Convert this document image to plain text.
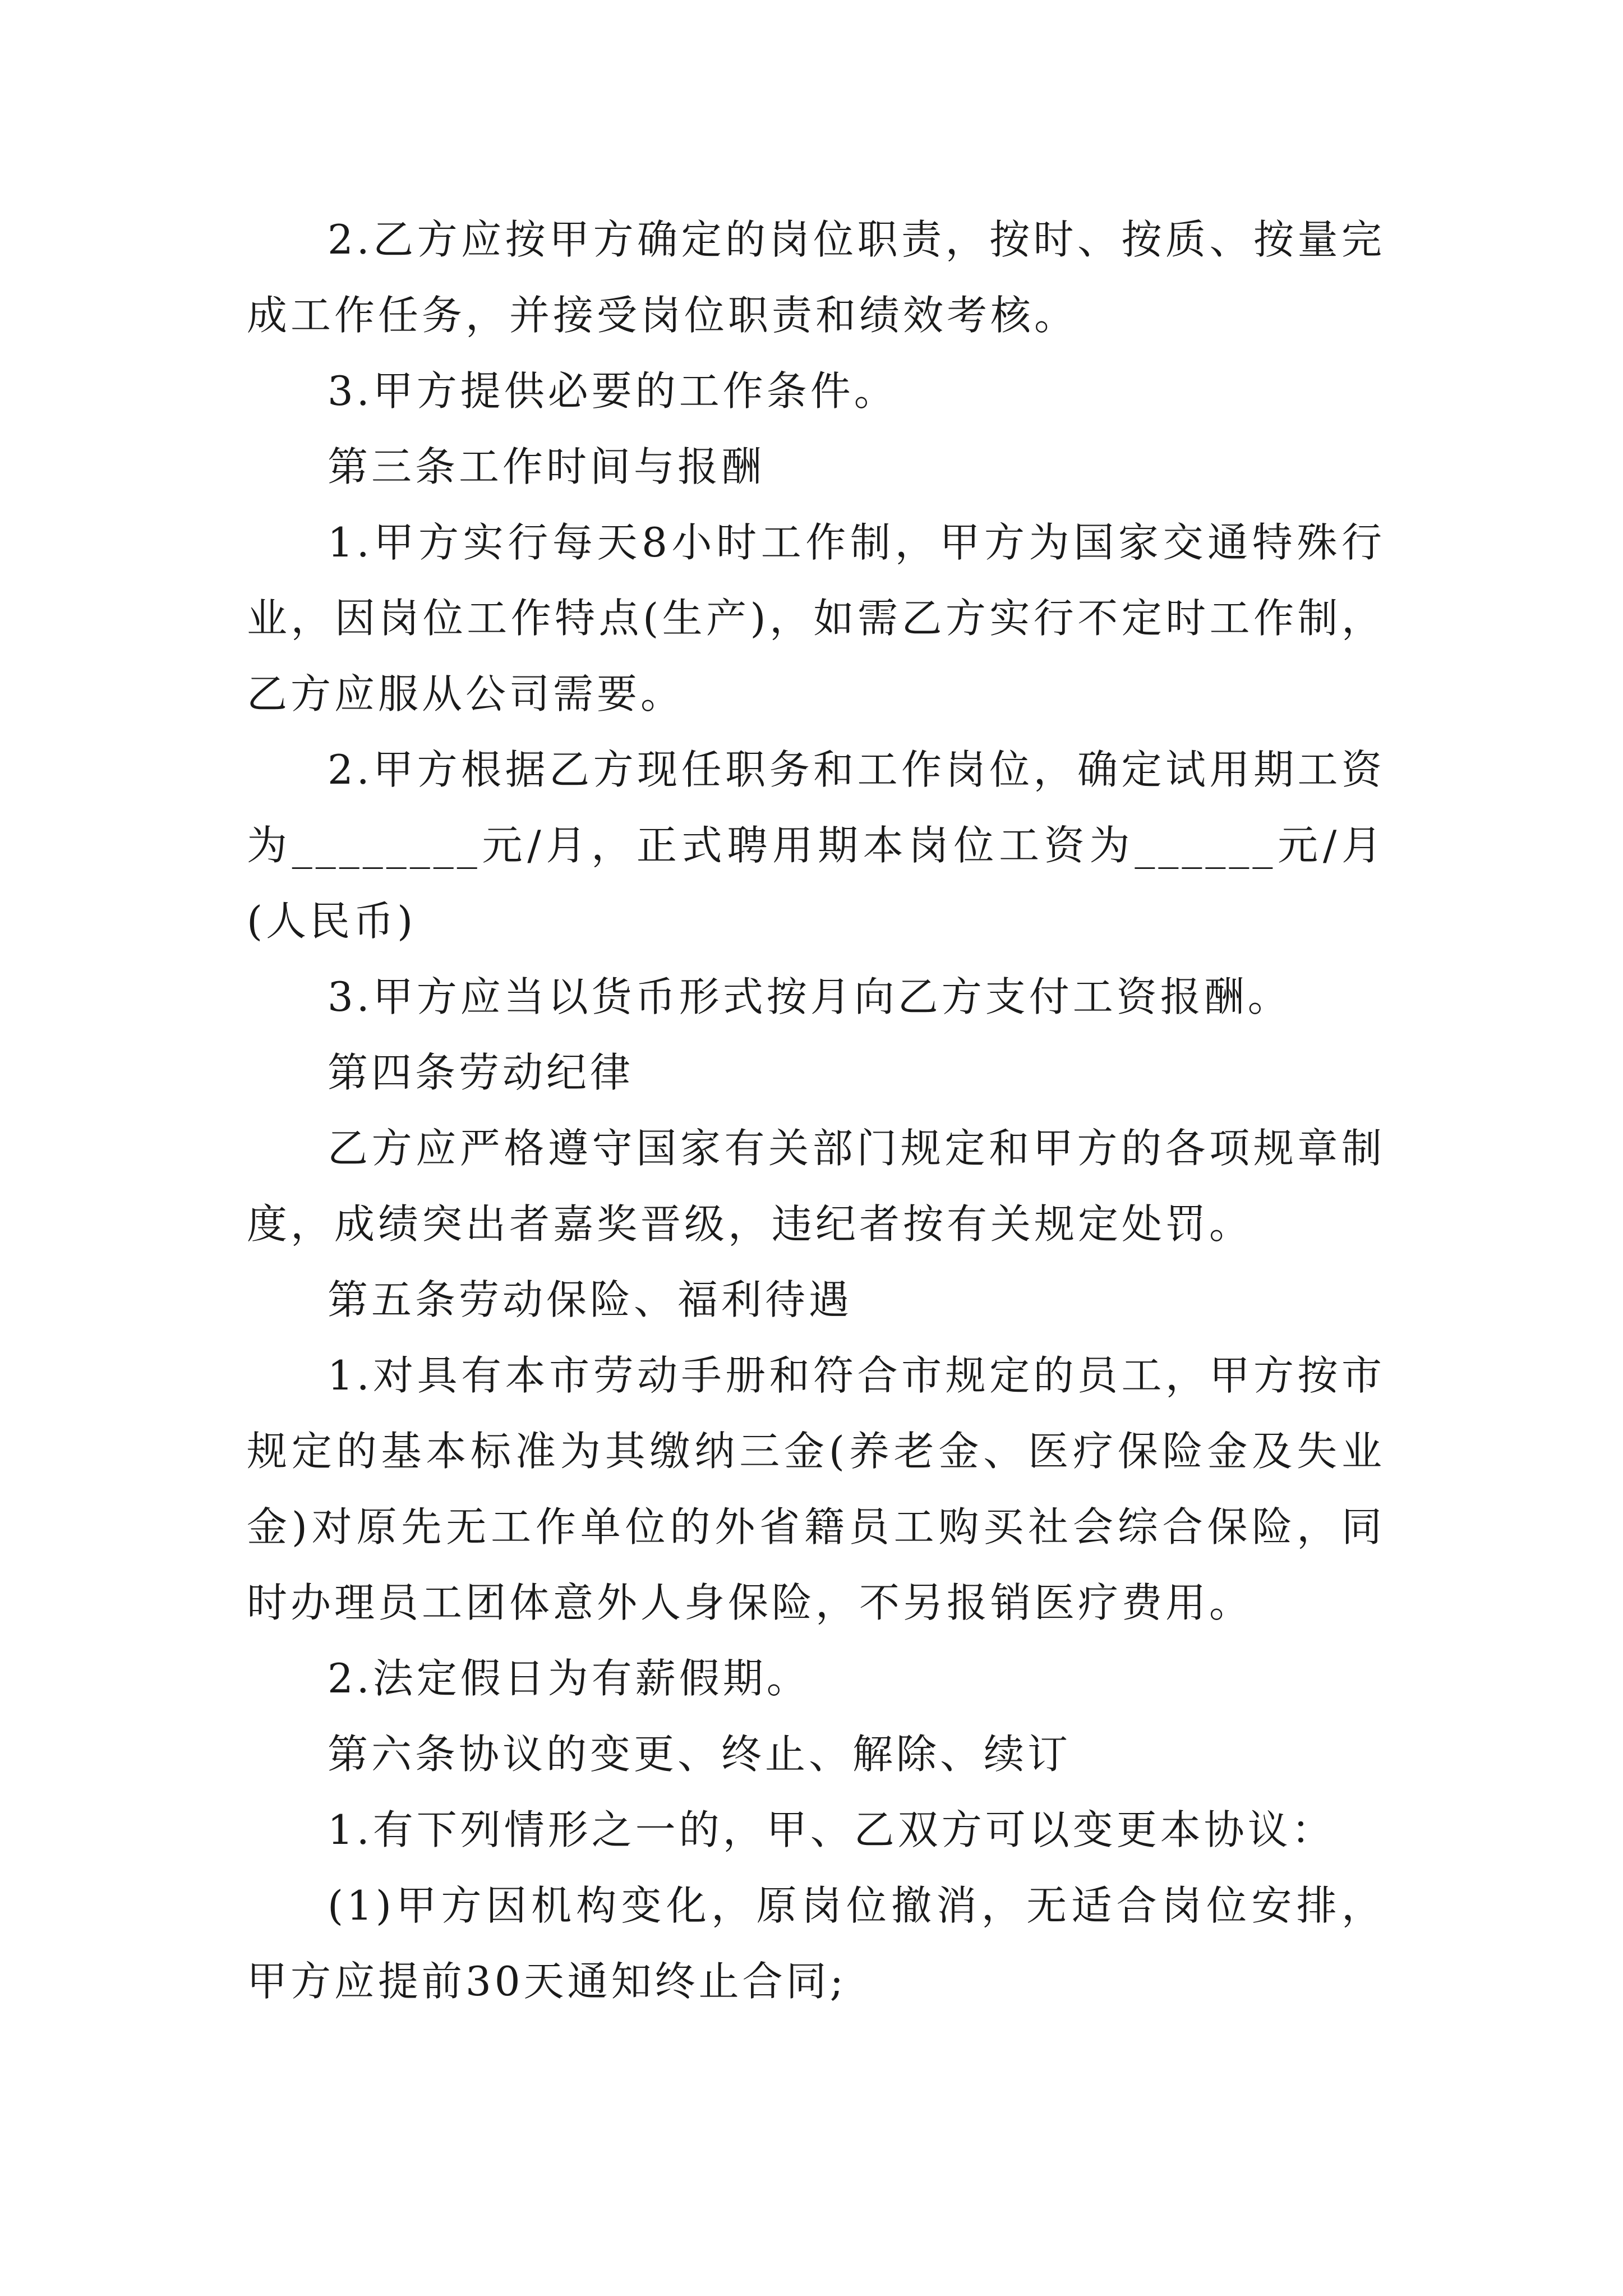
2.乙方应按甲方确定的岗位职责，按时、按质、按量完成工作任务，并接受岗位职责和绩效考核。

3.甲方提供必要的工作条件。

第三条工作时间与报酬

1.甲方实行每天8小时工作制，甲方为国家交通特殊行业，因岗位工作特点(生产)，如需乙方实行不定时工作制，乙方应服从公司需要。

2.甲方根据乙方现任职务和工作岗位，确定试用期工资为________元/月，正式聘用期本岗位工资为______元/月(人民币)

3.甲方应当以货币形式按月向乙方支付工资报酬。

第四条劳动纪律

乙方应严格遵守国家有关部门规定和甲方的各项规章制度，成绩突出者嘉奖晋级，违纪者按有关规定处罚。

第五条劳动保险、福利待遇

1.对具有本市劳动手册和符合市规定的员工，甲方按市规定的基本标准为其缴纳三金(养老金、医疗保险金及失业金)对原先无工作单位的外省籍员工购买社会综合保险，同时办理员工团体意外人身保险，不另报销医疗费用。

2.法定假日为有薪假期。

第六条协议的变更、终止、解除、续订

1.有下列情形之一的，甲、乙双方可以变更本协议：

(1)甲方因机构变化，原岗位撤消，无适合岗位安排，甲方应提前30天通知终止合同;
